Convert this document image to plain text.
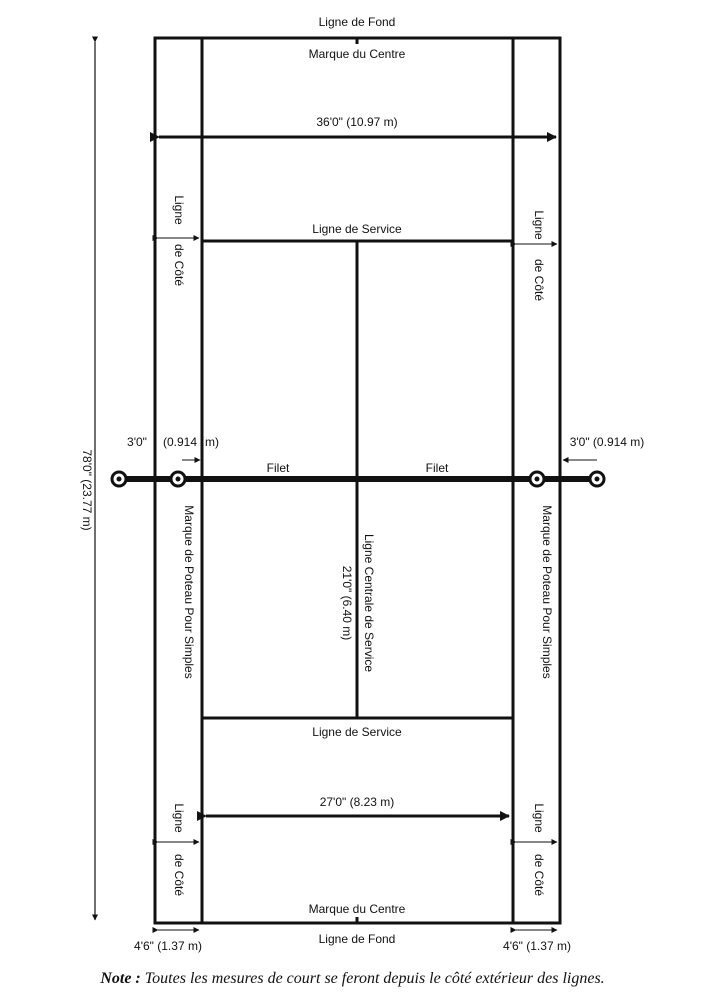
Ligne de Fond
Marque du Centre
36'0" (10.97 m)
Ligne de Service
Ligne
de Côté
Ligne
de Côté
78'0" (23.77 m)
3'0" (0.914 m)	3'0" (0.914 m)
Filet	Filet
Marque de Poteau Pour Simples	Marque de Poteau Pour Simples
Ligne Centrale de Service
21'0" (6.40 m)
Ligne de Service
27'0" (8.23 m)
Ligne
de Côté
Ligne
de Côté
Marque du Centre
Ligne de Fond
4'6" (1.37 m)	4'6" (1.37 m)
Note : Toutes les mesures de court se feront depuis le côté extérieur des lignes.
